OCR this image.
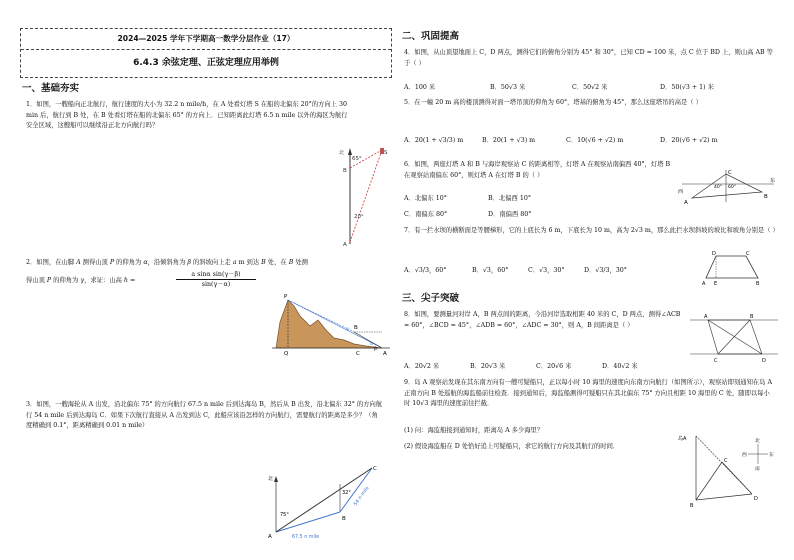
2024—2025 学年下学期高一数学分层作业（17）
6.4.3 余弦定理、正弦定理应用举例
一、基础夯实
1．如图，一艘船向正北航行，航行速度的大小为 32.2 n mile/h，在 A 处看灯塔 S 在船的北偏东 20°的方向上 30 min 后，航行到 B 处，在 B 处看灯塔在船的北偏东 65° 的方向上．已知距离此灯塔 6.5 n mile 以外的海区为航行安全区域，这艘船可以继续沿正北方向航行吗？
65°
20°
S
B
A
北
2．如图，在山脚 A 测得山顶 P 的仰角为 α，沿倾斜角为 β 的斜坡向上走 a m 到达 B 处，在 B 处测
得山顶 P 的仰角为 γ，求证：山高 h =	$\frac{\text{a sinα sin(γ－β)}}{\sin(\gamma-\alpha)}$
P
B
Q	C	A
α
β
γ
3．如图，一艘海轮从 A 出发，沿北偏东 75° 的方向航行 67.5 n mile 后到达海岛 B，然后从 B 出发，沿北偏东 32° 的方向航行 54 n mile 后到达海岛 C．如果下次航行直接从 A 出发到达 C，此船应该沿怎样的方向航行，需要航行的距离是多少？（角度精确到 0.1°，距离精确到 0.01 n mile）
北
A
B
C
75°
32°
67.5 n mile
54 n mile
二、巩固提高
4．如图，从山顶望地面上 C，D 两点，测得它们的俯角分别为 45° 和 30°，已知 CD = 100 米，点 C 位于 BD 上，则山高 AB 等于（ ）
A．100 米	B．50√3 米	C．50√2 米	D．50(√3 + 1) 米
5．在一幢 20 m 高的楼顶测得对面一塔吊顶的仰角为 60°，塔基的俯角为 45°，那么这座塔吊的高是（ ）
A．20(1 + √3/3) m	B．20(1 + √3) m	C．10(√6 + √2) m	D．20(√6 + √2) m
6．如图，两座灯塔 A 和 B 与海岸观察站 C 的距离相等，灯塔 A 在观察站南偏西 40°，灯塔 B 在观察站南偏东 60°，则灯塔 A 在灯塔 B 的（ ）
A．北偏东 10°	B．北偏西 10°
C．南偏东 80°	D．南偏西 80°
C
A
B
西
东
40° 60°
7．有一拦水坝的横断面是等腰梯形，它的上底长为 6 m，下底长为 10 m，高为 2√3 m，那么此拦水坝斜坡的坡比和坡角分别是（ ）
A．√3/3，60°	B．√3，60°	C．√3，30°	D．√3/3，30°
D	C
A E	B
三、尖子突破
8．如图，要测量河对岸 A，B 两点间的距离，今沿河岸选取相距 40 米的 C，D 两点，测得∠ACB = 60°，∠BCD = 45°，∠ADB = 60°，∠ADC = 30°，则 A，B 间距离是（ ）
A．20√2 米	B．20√3 米	C．20√6 米	D．40√2 米
A	B
C	D
9．岛 A 观察站发现在其东南方向有一艘可疑船只，正以每小时 10 海里的速度向东南方向航行（如图所示），观察站即刻通知在岛 A 正南方向 B 处巡航的海监船前往检查．接到通知后，海监船测得可疑船只在其北偏东 75° 方向且相距 10 海里的 C 处，随即以每小时 10√3 海里的速度前往拦截．
(1) 问：海监船接到通知时，距离岛 A 多少海里？
(2) 假设海监船在 D 处恰好追上可疑船只，求它的航行方向及其航行的时间．
北
南
西	东
岛A
C
D
B
